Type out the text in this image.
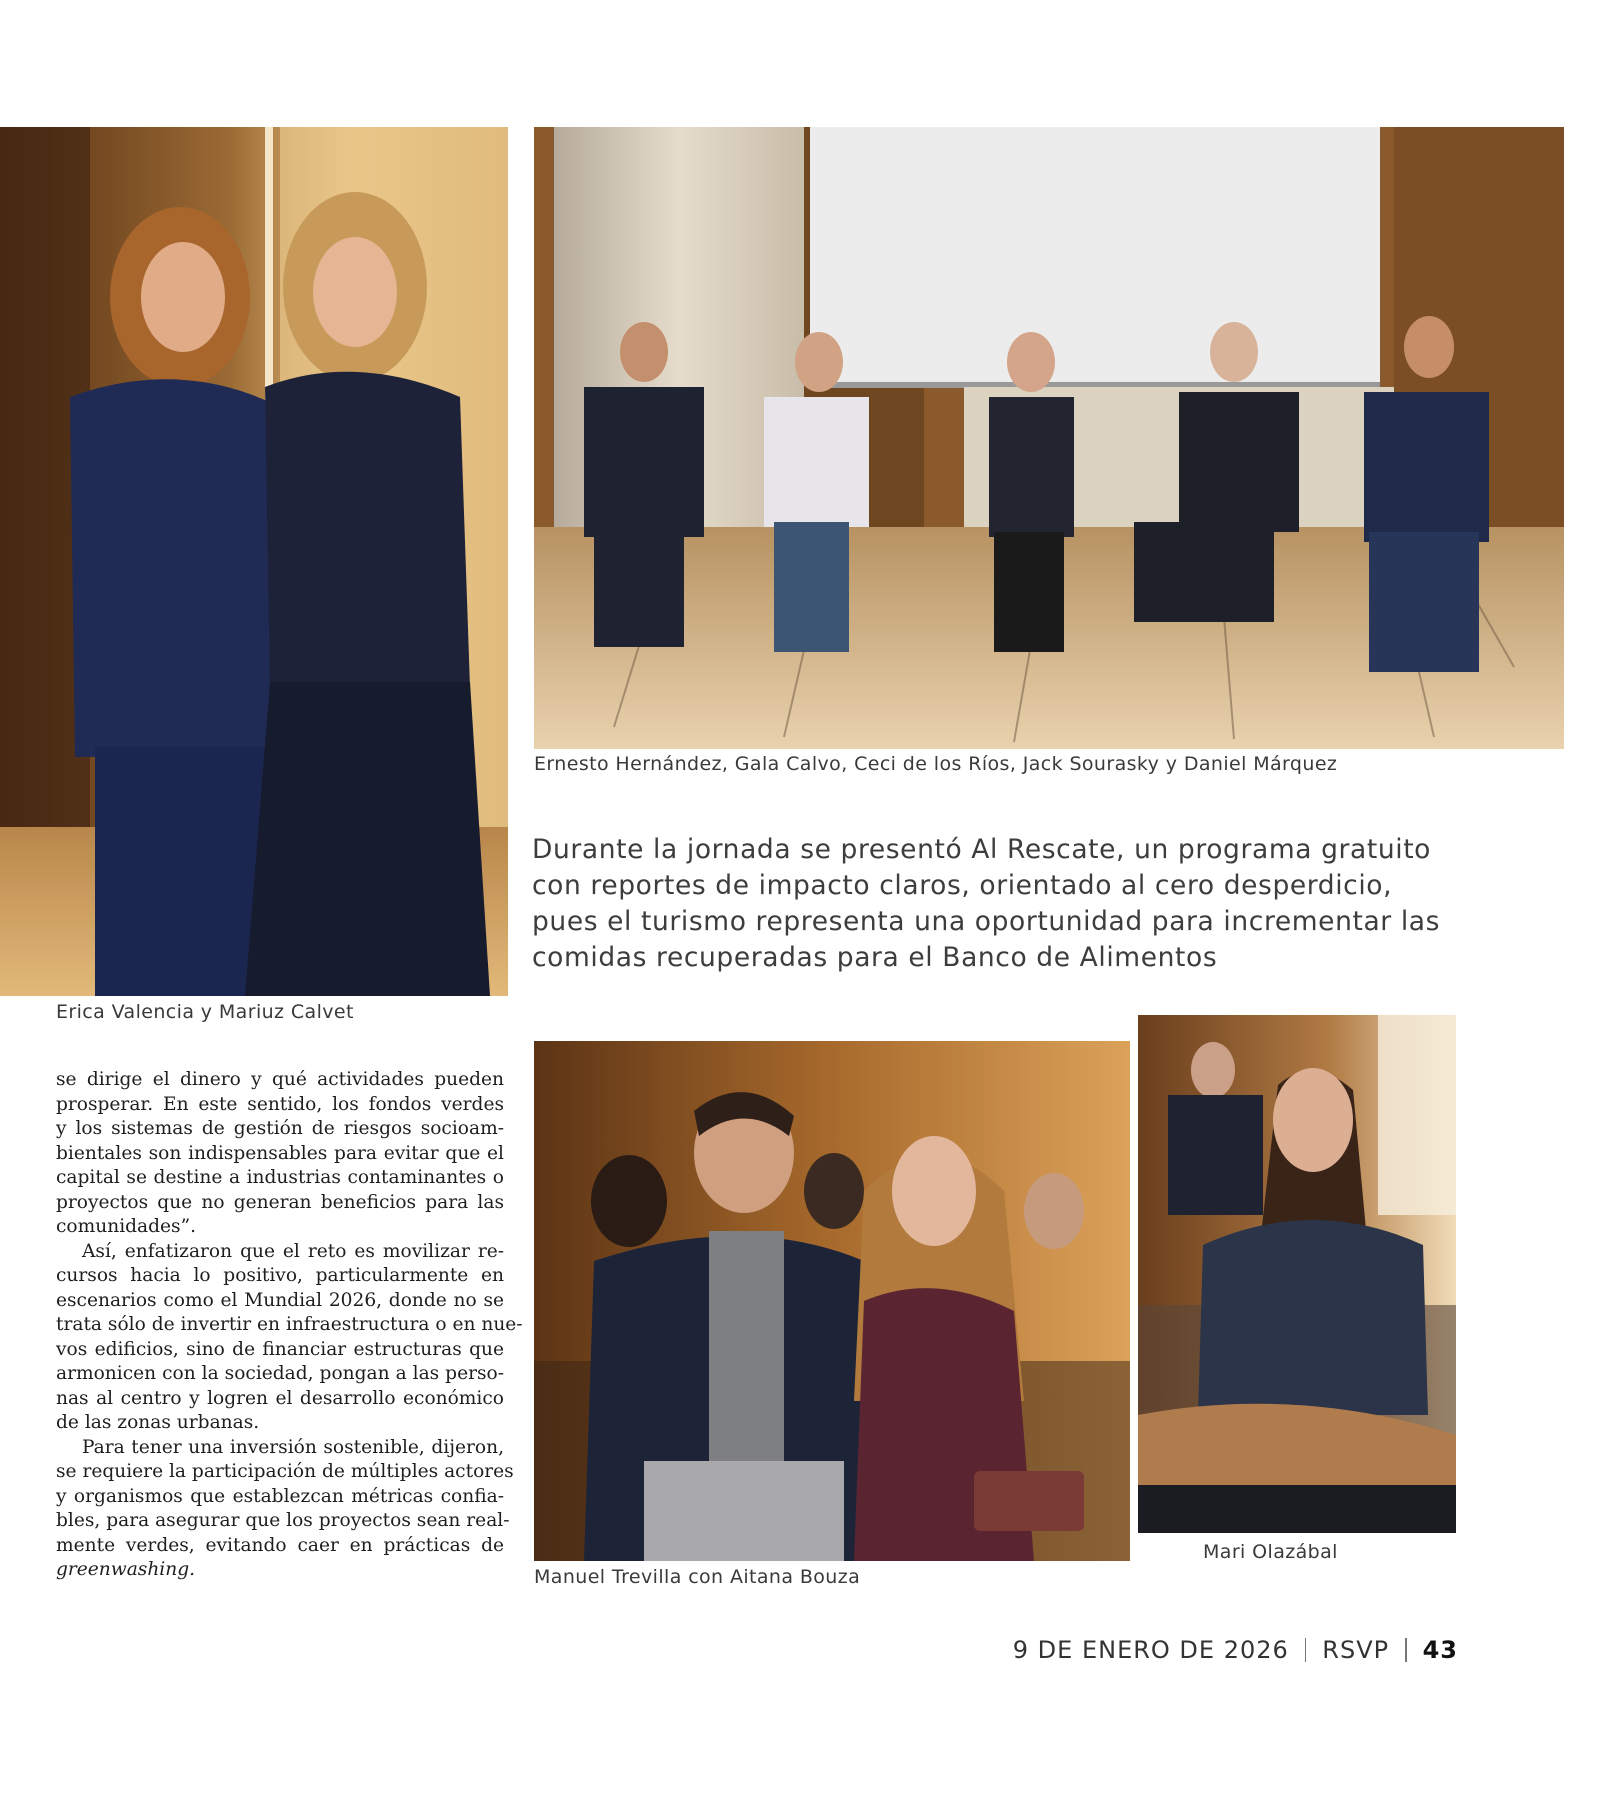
Erica Valencia y Mariuz Calvet
Ernesto Hernández, Gala Calvo, Ceci de los Ríos, Jack Sourasky y Daniel Márquez
Durante la jornada se presentó Al Rescate, un programa gratuito
con reportes de impacto claros, orientado al cero desperdicio,
pues el turismo representa una oportunidad para incrementar las
comidas recuperadas para el Banco de Alimentos
Manuel Trevilla con Aitana Bouza
Mari Olazábal
se dirige el dinero y qué actividades pueden
prosperar. En este sentido, los fondos verdes
y los sistemas de gestión de riesgos socioam-
bientales son indispensables para evitar que el
capital se destine a industrias contaminantes o
proyectos que no generan beneficios para las
comunidades”.
Así, enfatizaron que el reto es movilizar re-
cursos hacia lo positivo, particularmente en
escenarios como el Mundial 2026, donde no se
trata sólo de invertir en infraestructura o en nue-
vos edificios, sino de financiar estructuras que
armonicen con la sociedad, pongan a las perso-
nas al centro y logren el desarrollo económico
de las zonas urbanas.
Para tener una inversión sostenible, dijeron,
se requiere la participación de múltiples actores
y organismos que establezcan métricas confia-
bles, para asegurar que los proyectos sean real-
mente verdes, evitando caer en prácticas de
greenwashing.
9 DE ENERO DE 2026 RSVP 43
